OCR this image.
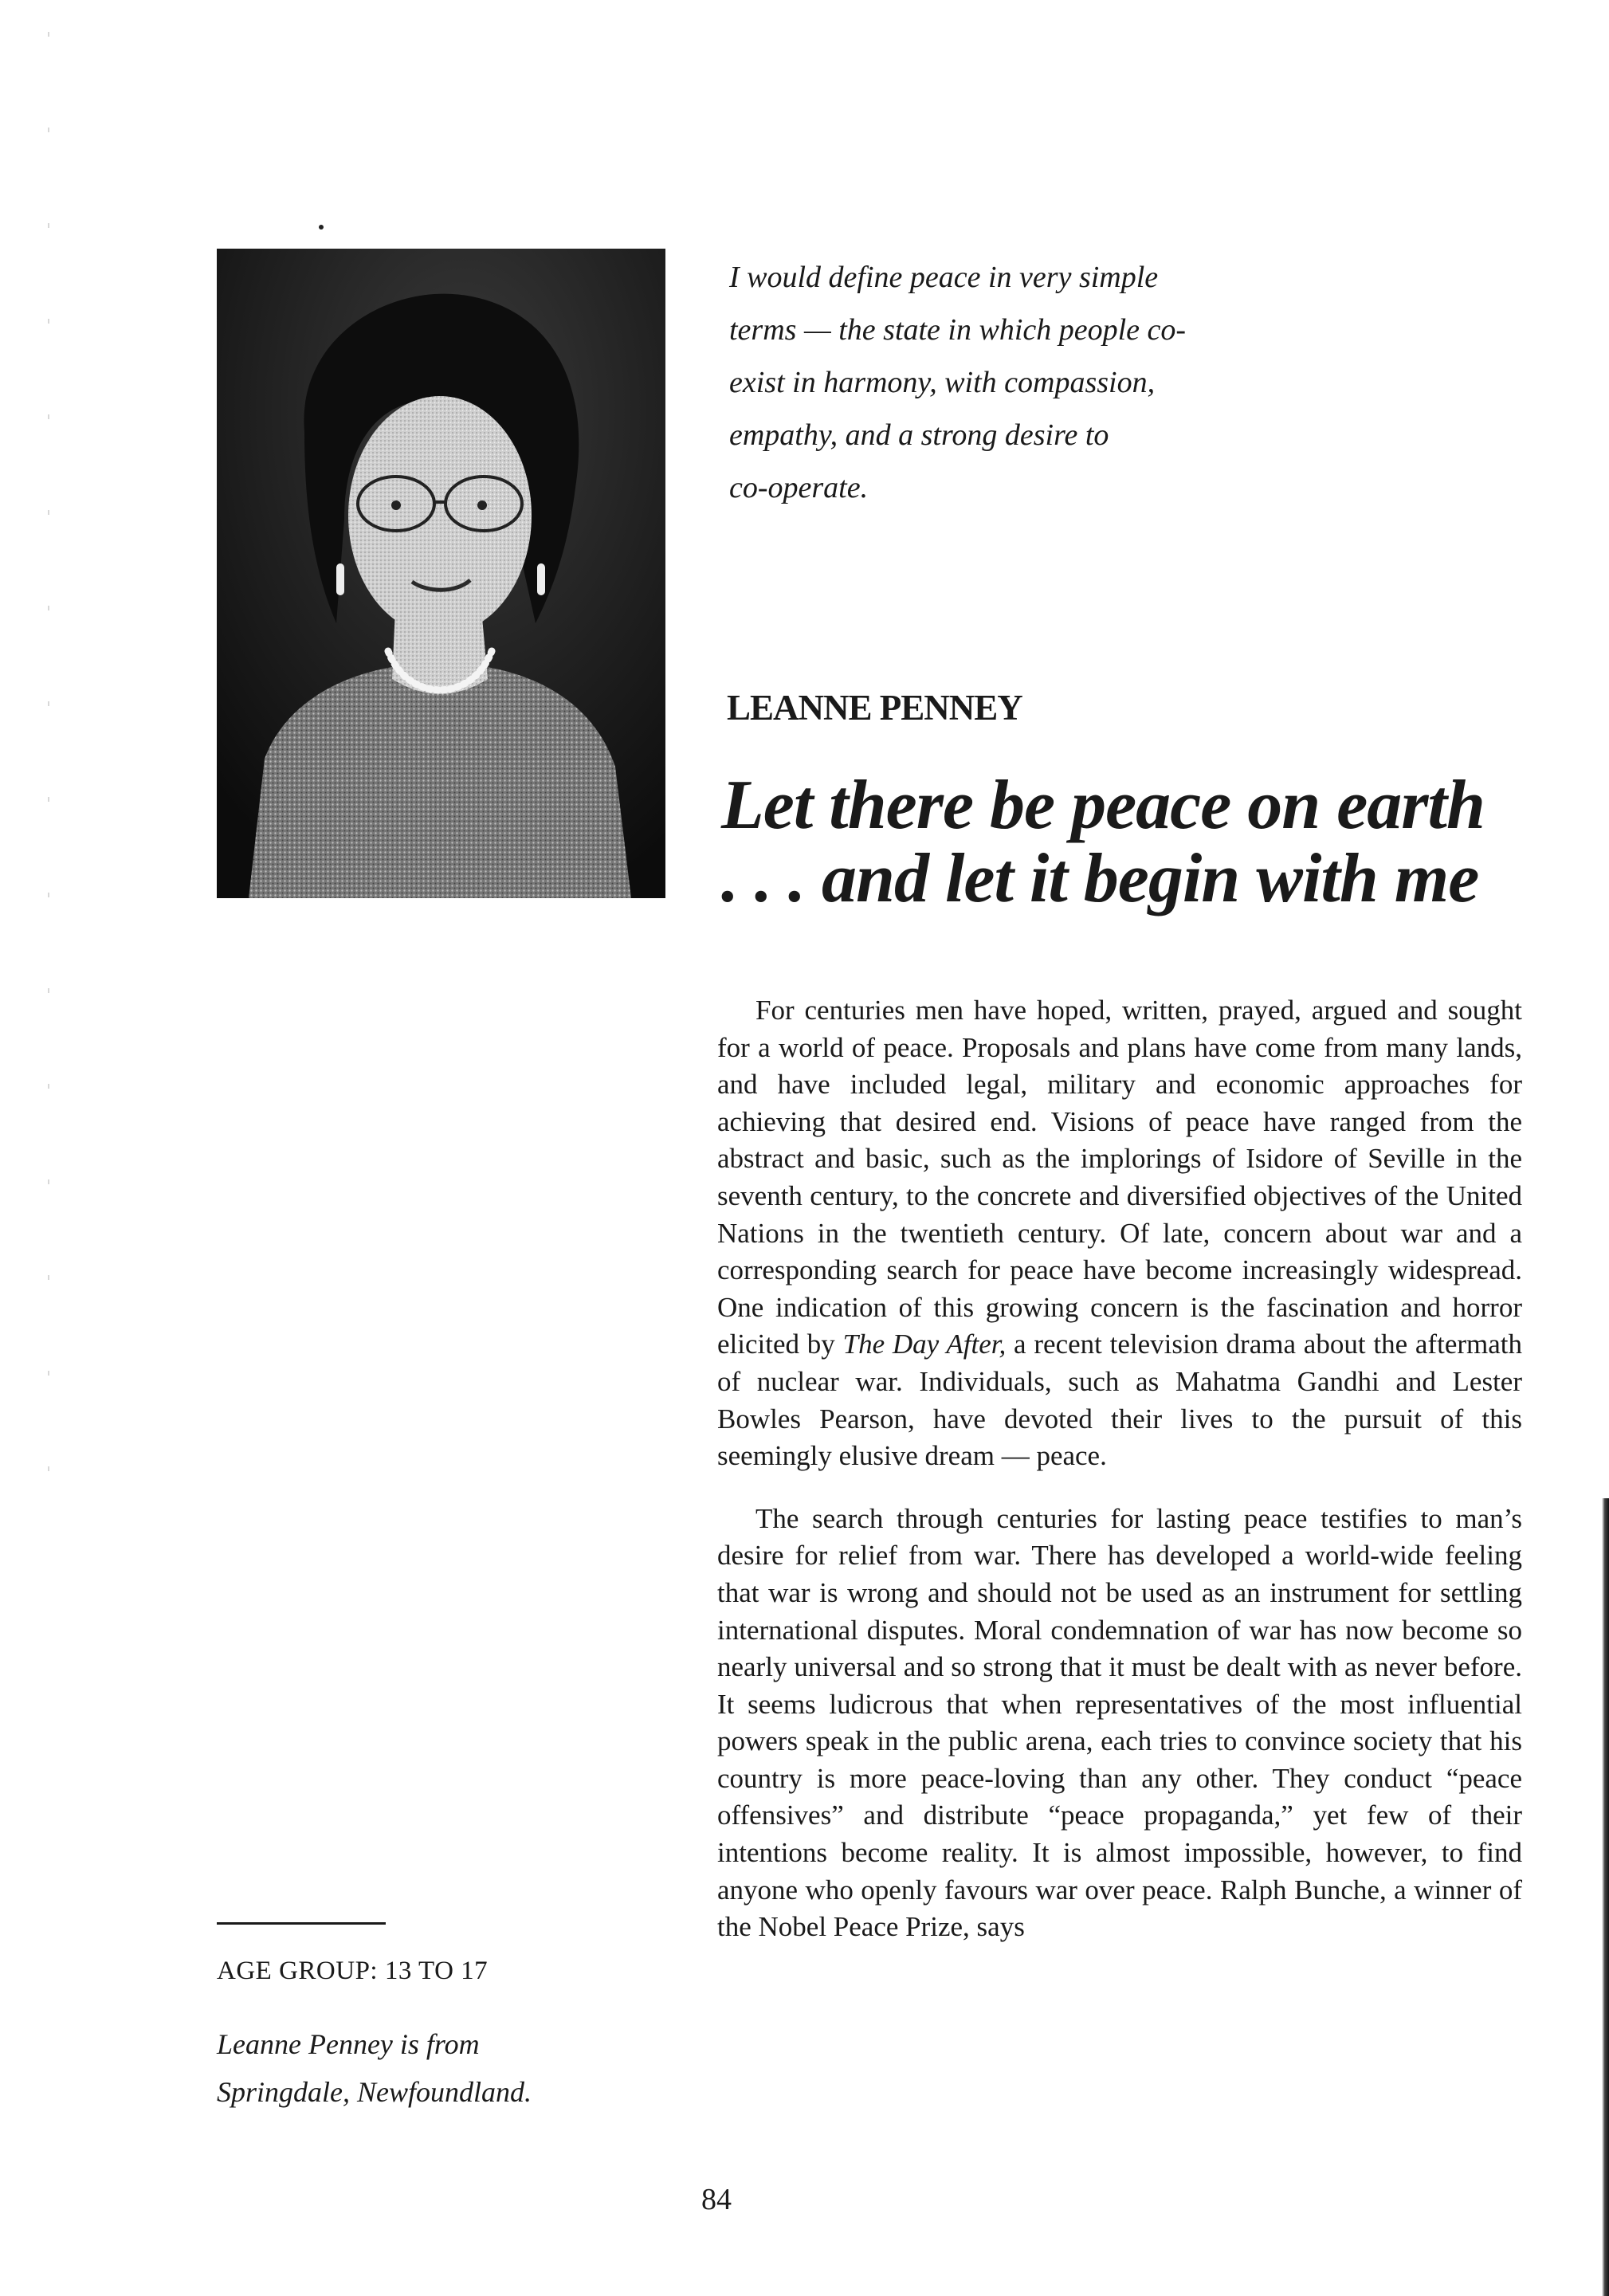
I would define peace in very simple
terms — the state in which people co-
exist in harmony, with compassion,
empathy, and a strong desire to
co-operate.
LEANNE PENNEY
Let there be peace on earth
. . . and let it begin with me

For centuries men have hoped, written, prayed, argued and sought for a world of peace. Proposals and plans have come from many lands, and have included legal, military and economic approaches for achieving that desired end. Visions of peace have ranged from the abstract and basic, such as the implorings of Isidore of Seville in the seventh century, to the concrete and diversified objectives of the United Nations in the twentieth century. Of late, concern about war and a corresponding search for peace have become increasingly widespread. One indication of this growing concern is the fascination and horror elicited by The Day After, a recent television drama about the aftermath of nuclear war. Individuals, such as Mahatma Gandhi and Lester Bowles Pearson, have devoted their lives to the pursuit of this seemingly elusive dream — peace.

The search through centuries for lasting peace testifies to man’s desire for relief from war. There has developed a world-wide feeling that war is wrong and should not be used as an instrument for settling international disputes. Moral condemnation of war has now become so nearly universal and so strong that it must be dealt with as never before. It seems ludicrous that when representatives of the most influential powers speak in the public arena, each tries to convince society that his country is more peace-loving than any other. They conduct “peace offensives” and distribute “peace propaganda,” yet few of their intentions become reality. It is almost impossible, however, to find anyone who openly favours war over peace. Ralph Bunche, a winner of the Nobel Peace Prize, says

AGE GROUP: 13 TO 17

Leanne Penney is from
Springdale, Newfoundland.

84
